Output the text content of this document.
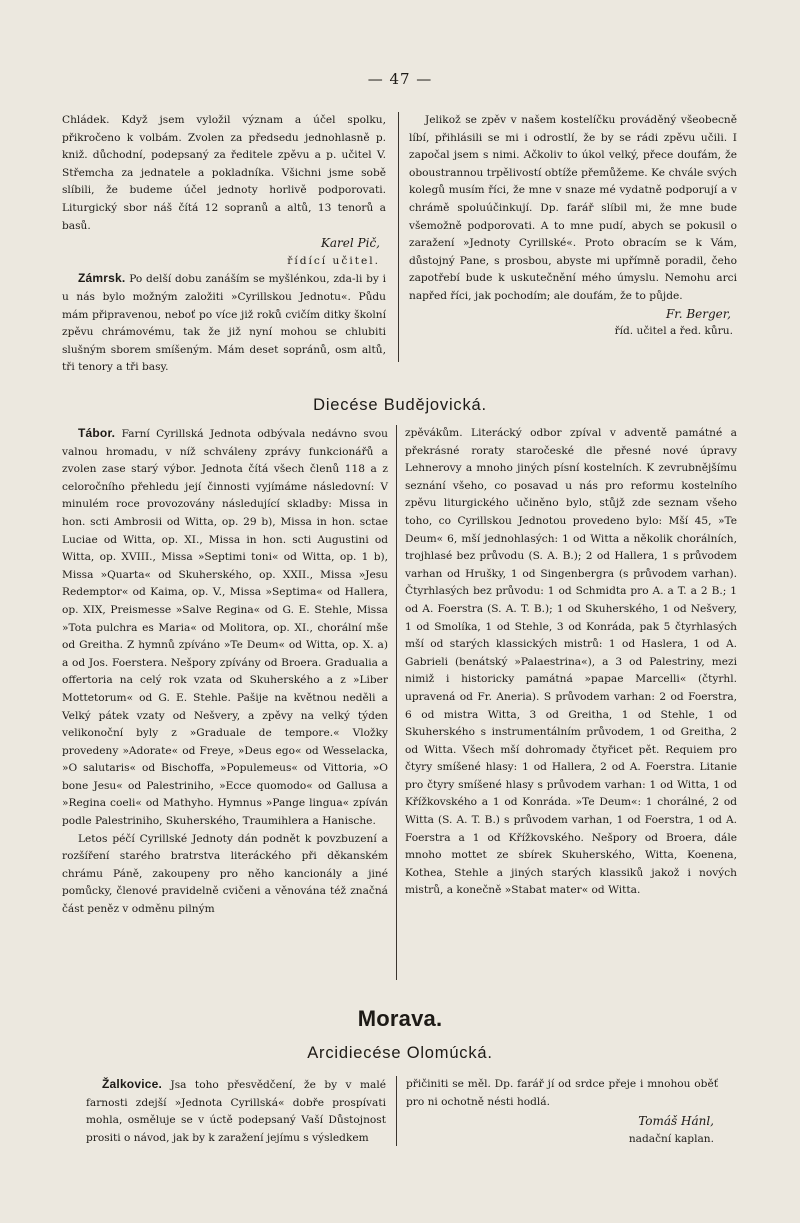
— 47 —

Chládek. Když jsem vyložil význam a účel spolku, přikročeno k volbám. Zvolen za předsedu jednohlasně p. kniž. důchodní, podepsaný za ředitele zpěvu a p. učitel V. Střemcha za jednatele a pokladníka. Všichni jsme sobě slíbili, že budeme účel jednoty horlivě podporovati. Liturgický sbor náš čítá 12 sopranů a altů, 13 tenorů a basů.

Karel Pič,
řídící učitel.

Zámrsk. Po delší dobu zanáším se myšlénkou, zda-li by i u nás bylo možným založiti »Cyrillskou Jednotu«. Půdu mám připravenou, neboť po více již roků cvičím ditky školní zpěvu chrámovému, tak že již nyní mohou se chlubiti slušným sborem smíšeným. Mám deset sopránů, osm altů, tři tenory a tři basy.

Jelikož se zpěv v našem kostelíčku prováděný všeobecně líbí, přihlásili se mi i odrostlí, že by se rádi zpěvu učili. I započal jsem s nimi. Ačkoliv to úkol velký, přece doufám, že oboustrannou trpělivostí obtíže přemůžeme. Ke chvále svých kolegů musím říci, že mne v snaze mé vydatně podporují a v chrámě spoluúčinkují. Dp. farář slíbil mi, že mne bude všemožně podporovati. A to mne pudí, abych se pokusil o zaražení »Jednoty Cyrillské«. Proto obracím se k Vám, důstojný Pane, s prosbou, abyste mi upřímně poradil, čeho zapotřebí bude k uskutečnění mého úmyslu. Nemohu arci napřed říci, jak pochodím; ale doufám, že to půjde.

Fr. Berger,
říd. učitel a řed. kůru.
Diecése Budějovická.

Tábor. Farní Cyrillská Jednota odbývala nedávno svou valnou hromadu, v níž schváleny zprávy funkcionářů a zvolen zase starý výbor. Jednota čítá všech členů 118 a z celoročního přehledu její činnosti vyjímáme následovní: V minulém roce provozovány následující skladby: Missa in hon. scti Ambrosii od Witta, op. 29 b), Missa in hon. sctae Luciae od Witta, op. XI., Missa in hon. scti Augustini od Witta, op. XVIII., Missa »Septimi toni« od Witta, op. 1 b), Missa »Quarta« od Skuherského, op. XXII., Missa »Jesu Redemptor« od Kaima, op. V., Missa »Septima« od Hallera, op. XIX, Preismesse »Salve Regina« od G. E. Stehle, Missa »Tota pulchra es Maria« od Molitora, op. XI., chorální mše od Greitha. Z hymnů zpíváno »Te Deum« od Witta, op. X. a) a od Jos. Foerstera. Nešpory zpívány od Broera. Gradualia a offertoria na celý rok vzata od Skuherského a z »Liber Mottetorum« od G. E. Stehle. Pašije na květnou neděli a Velký pátek vzaty od Nešvery, a zpěvy na velký týden velikonoční byly z »Graduale de tempore.« Vložky provedeny »Adorate« od Freye, »Deus ego« od Wesselacka, »O salutaris« od Bischoffa, »Populemeus« od Vittoria, »O bone Jesu« od Palestriniho, »Ecce quomodo« od Gallusa a »Regina coeli« od Mathyho. Hymnus »Pange lingua« zpíván podle Palestriniho, Skuherského, Traumihlera a Hanische.

Letos péčí Cyrillské Jednoty dán podnět k povzbuzení a rozšíření starého bratrstva literáckého při děkanském chrámu Páně, zakoupeny pro něho kancionály a jiné pomůcky, členové pravidelně cvičeni a věnována též značná část peněz v odměnu pilným

zpěvákům. Literácký odbor zpíval v adventě památné a překrásné roraty staročeské dle přesné nové úpravy Lehnerovy a mnoho jiných písní kostelních. K zevrubnějšímu seznání všeho, co posavad u nás pro reformu kostelního zpěvu liturgického učiněno bylo, stůjž zde seznam všeho toho, co Cyrillskou Jednotou provedeno bylo: Mší 45, »Te Deum« 6, mší jednohlasých: 1 od Witta a několik chorálních, trojhlasé bez průvodu (S. A. B.); 2 od Hallera, 1 s průvodem varhan od Hrušky, 1 od Singenbergra (s průvodem varhan). Čtyrhlasých bez průvodu: 1 od Schmidta pro A. a T. a 2 B.; 1 od A. Foerstra (S. A. T. B.); 1 od Skuherského, 1 od Nešvery, 1 od Smolíka, 1 od Stehle, 3 od Konráda, pak 5 čtyrhlasých mší od starých klassických mistrů: 1 od Haslera, 1 od A. Gabrieli (benátský »Palaestrina«), a 3 od Palestriny, mezi nimiž i historicky památná »papae Marcelli« (čtyrhl. upravená od Fr. Aneria). S průvodem varhan: 2 od Foerstra, 6 od mistra Witta, 3 od Greitha, 1 od Stehle, 1 od Skuherského s instrumentálním průvodem, 1 od Greitha, 2 od Witta. Všech mší dohromady čtyřicet pět. Requiem pro čtyry smíšené hlasy: 1 od Hallera, 2 od A. Foerstra. Litanie pro čtyry smíšené hlasy s průvodem varhan: 1 od Witta, 1 od Křížkovského a 1 od Konráda. »Te Deum«: 1 chorálné, 2 od Witta (S. A. T. B.) s průvodem varhan, 1 od Foerstra, 1 od A. Foerstra a 1 od Křížkovského. Nešpory od Broera, dále mnoho mottet ze sbírek Skuherského, Witta, Koenena, Kothea, Stehle a jiných starých klassiků jakož i nových mistrů, a konečně »Stabat mater« od Witta.

Morava.
Arcidiecése Olomúcká.

Žalkovice. Jsa toho přesvědčení, že by v malé farnosti zdejší »Jednota Cyrillská« dobře prospívati mohla, osměluje se v úctě podepsaný Vaší Důstojnost prositi o návod, jak by k zaražení jejímu s výsledkem

přičiniti se měl. Dp. farář jí od srdce přeje i mnohou oběť pro ni ochotně nésti hodlá.

Tomáš Hánl,
nadační kaplan.
